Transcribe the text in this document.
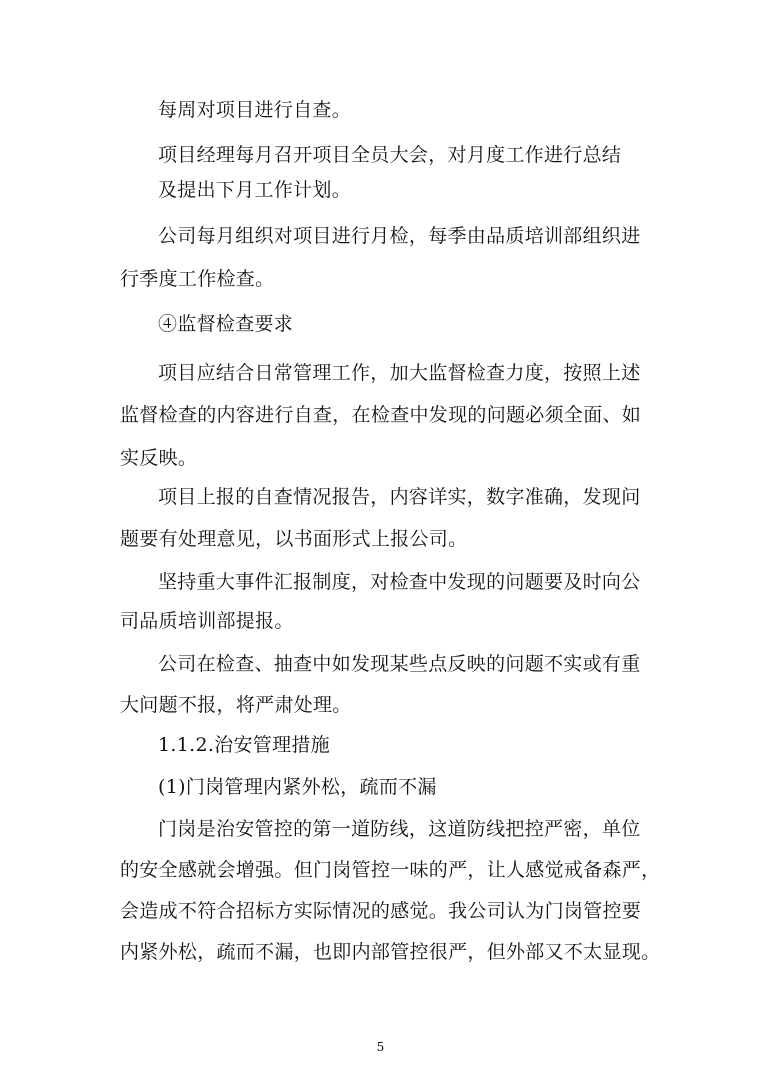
每周对项目进行自查。
项目经理每月召开项目全员大会，对月度工作进行总结
及提出下月工作计划。
公司每月组织对项目进行月检，每季由品质培训部组织进
行季度工作检查。
④监督检查要求
项目应结合日常管理工作，加大监督检查力度，按照上述
监督检查的内容进行自查，在检查中发现的问题必须全面、如
实反映。
项目上报的自查情况报告，内容详实，数字准确，发现问
题要有处理意见，以书面形式上报公司。
坚持重大事件汇报制度，对检查中发现的问题要及时向公
司品质培训部提报。
公司在检查、抽查中如发现某些点反映的问题不实或有重
大问题不报，将严肃处理。
1.1.2.治安管理措施
(1)门岗管理内紧外松，疏而不漏
门岗是治安管控的第一道防线，这道防线把控严密，单位
的安全感就会增强。但门岗管控一味的严，让人感觉戒备森严，
会造成不符合招标方实际情况的感觉。我公司认为门岗管控要
内紧外松，疏而不漏，也即内部管控很严，但外部又不太显现。
5
